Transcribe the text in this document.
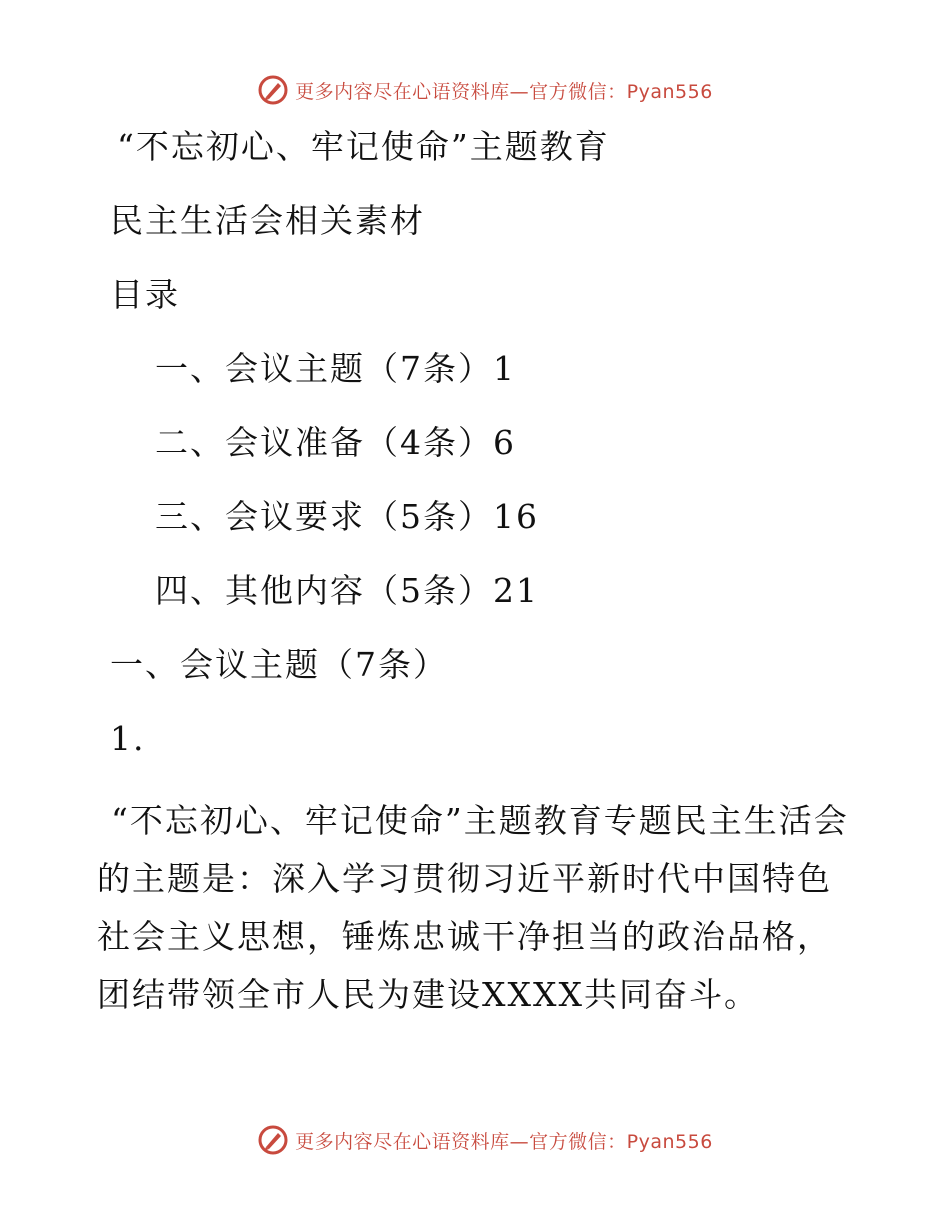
更多内容尽在心语资料库—官方微信：Pyan556
“不忘初心、牢记使命”主题教育
民主生活会相关素材
目录
一、会议主题（7条）1
二、会议准备（4条）6
三、会议要求（5条）16
四、其他内容（5条）21
一、会议主题（7条）
1.

“不忘初心、牢记使命”主题教育专题民主生活会的主题是：深入学习贯彻习近平新时代中国特色社会主义思想，锤炼忠诚干净担当的政治品格，团结带领全市人民为建设XXXX共同奋斗。

更多内容尽在心语资料库—官方微信：Pyan556
